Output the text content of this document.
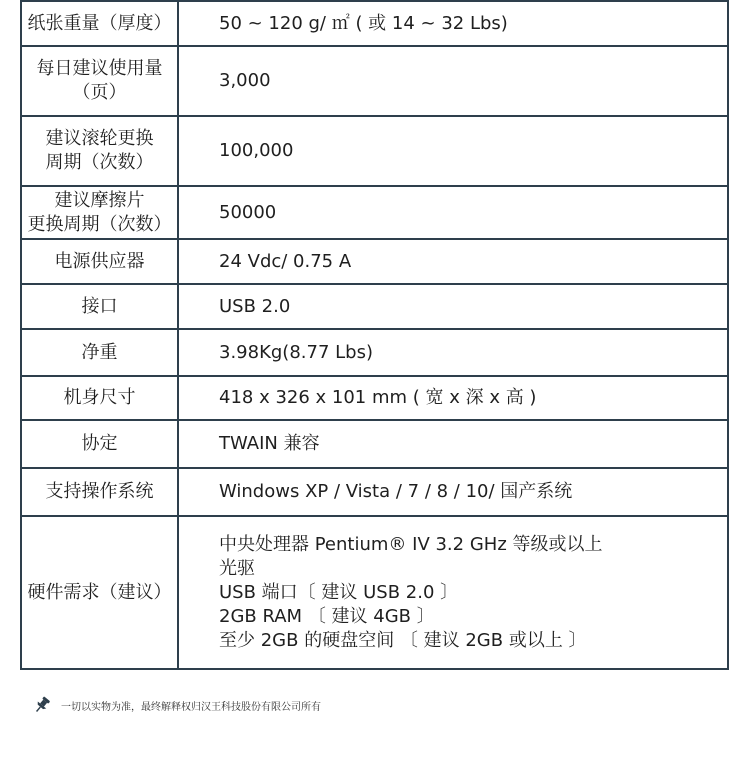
纸张重量（厚度）	50 ~ 120 g/ ㎡ ( 或 14 ~ 32 Lbs)

每日建议使用量
（页）	3,000

建议滚轮更换
周期（次数）	100,000

建议摩擦片
更换周期（次数）	50000

电源供应器	24 Vdc/ 0.75 A

接口	USB 2.0

净重	3.98Kg(8.77 Lbs)

机身尺寸	418 x 326 x 101 mm ( 宽 x 深 x 高 )

协定	TWAIN 兼容

支持操作系统	Windows XP / Vista / 7 / 8 / 10/ 国产系统

硬件需求（建议）	中央处理器 Pentium® IV 3.2 GHz 等级或以上
光驱
USB 端口〔 建议 USB 2.0 〕
2GB RAM 〔 建议 4GB 〕
至少 2GB 的硬盘空间 〔 建议 2GB 或以上 〕
一切以实物为准，最终解释权归汉王科技股份有限公司所有
